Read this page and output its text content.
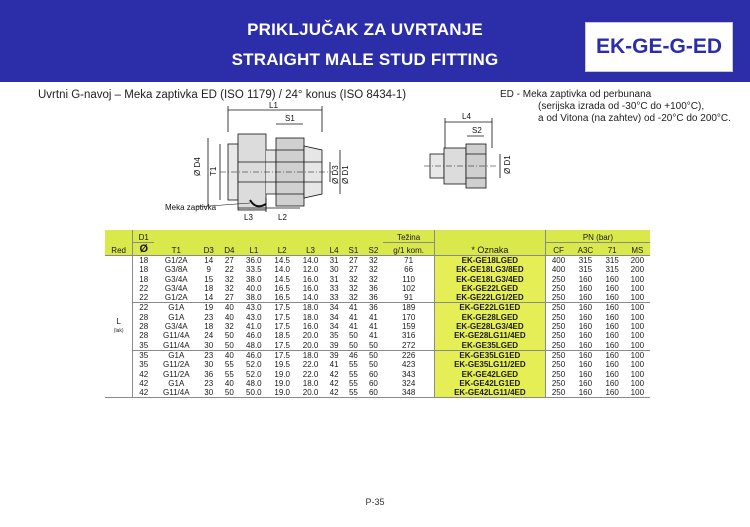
PRIKLJUČAK ZA UVRTANJE
STRAIGHT MALE STUD FITTING
EK-GE-G-ED
Uvrtni G-navoj – Meka zaptivka ED (ISO 1179) / 24° konus (ISO 8434-1)	ED - Meka zaptivka od perbunana
(serijska izrada od -30°C do +100°C),
a od Vitona (na zahtev) od -20°C do 200°C.
L1
S1
Ø D4 T1	Ø D3 Ø D1
L3	L2
Meka zaptivka
L4
S2
Ø D1
Red	D1	T1	D3	D4	L1	L2	L3	L4	S1	S2	Težina	* Oznaka	PN (bar)			
	Ø										g/1 kom.		CF	A3C	71	MS
L
(lak)	18	G1/2A	14	27	36.0	14.5	14.0	31	27	32	71	EK-GE18LGED	400	315	315	200
	18	G3/8A	9	22	33.5	14.0	12.0	30	27	32	66	EK-GE18LG3/8ED	400	315	315	200
	18	G3/4A	15	32	38.0	14.5	16.0	31	32	32	110	EK-GE18LG3/4ED	250	160	160	100
	22	G3/4A	18	32	40.0	16.5	16.0	33	32	36	102	EK-GE22LGED	250	160	160	100
	22	G1/2A	14	27	38.0	16.5	14.0	33	32	36	91	EK-GE22LG1/2ED	250	160	160	100
	22	G1A	19	40	43.0	17.5	18.0	34	41	36	189	EK-GE22LG1ED	250	160	160	100
	28	G1A	23	40	43.0	17.5	18.0	34	41	41	170	EK-GE28LGED	250	160	160	100
	28	G3/4A	18	32	41.0	17.5	16.0	34	41	41	159	EK-GE28LG3/4ED	250	160	160	100
	28	G11/4A	24	50	46.0	18.5	20.0	35	50	41	316	EK-GE28LG11/4ED	250	160	160	100
	35	G11/4A	30	50	48.0	17.5	20.0	39	50	50	272	EK-GE35LGED	250	160	160	100
	35	G1A	23	40	46.0	17.5	18.0	39	46	50	226	EK-GE35LG1ED	250	160	160	100
	35	G11/2A	30	55	52.0	19.5	22.0	41	55	50	423	EK-GE35LG11/2ED	250	160	160	100
	42	G11/2A	36	55	52.0	19.0	22.0	42	55	60	343	EK-GE42LGED	250	160	160	100
	42	G1A	23	40	48.0	19.0	18.0	42	55	60	324	EK-GE42LG1ED	250	160	160	100
	42	G11/4A	30	50	50.0	19.0	20.0	42	55	60	348	EK-GE42LG11/4ED	250	160	160	100
P-35
